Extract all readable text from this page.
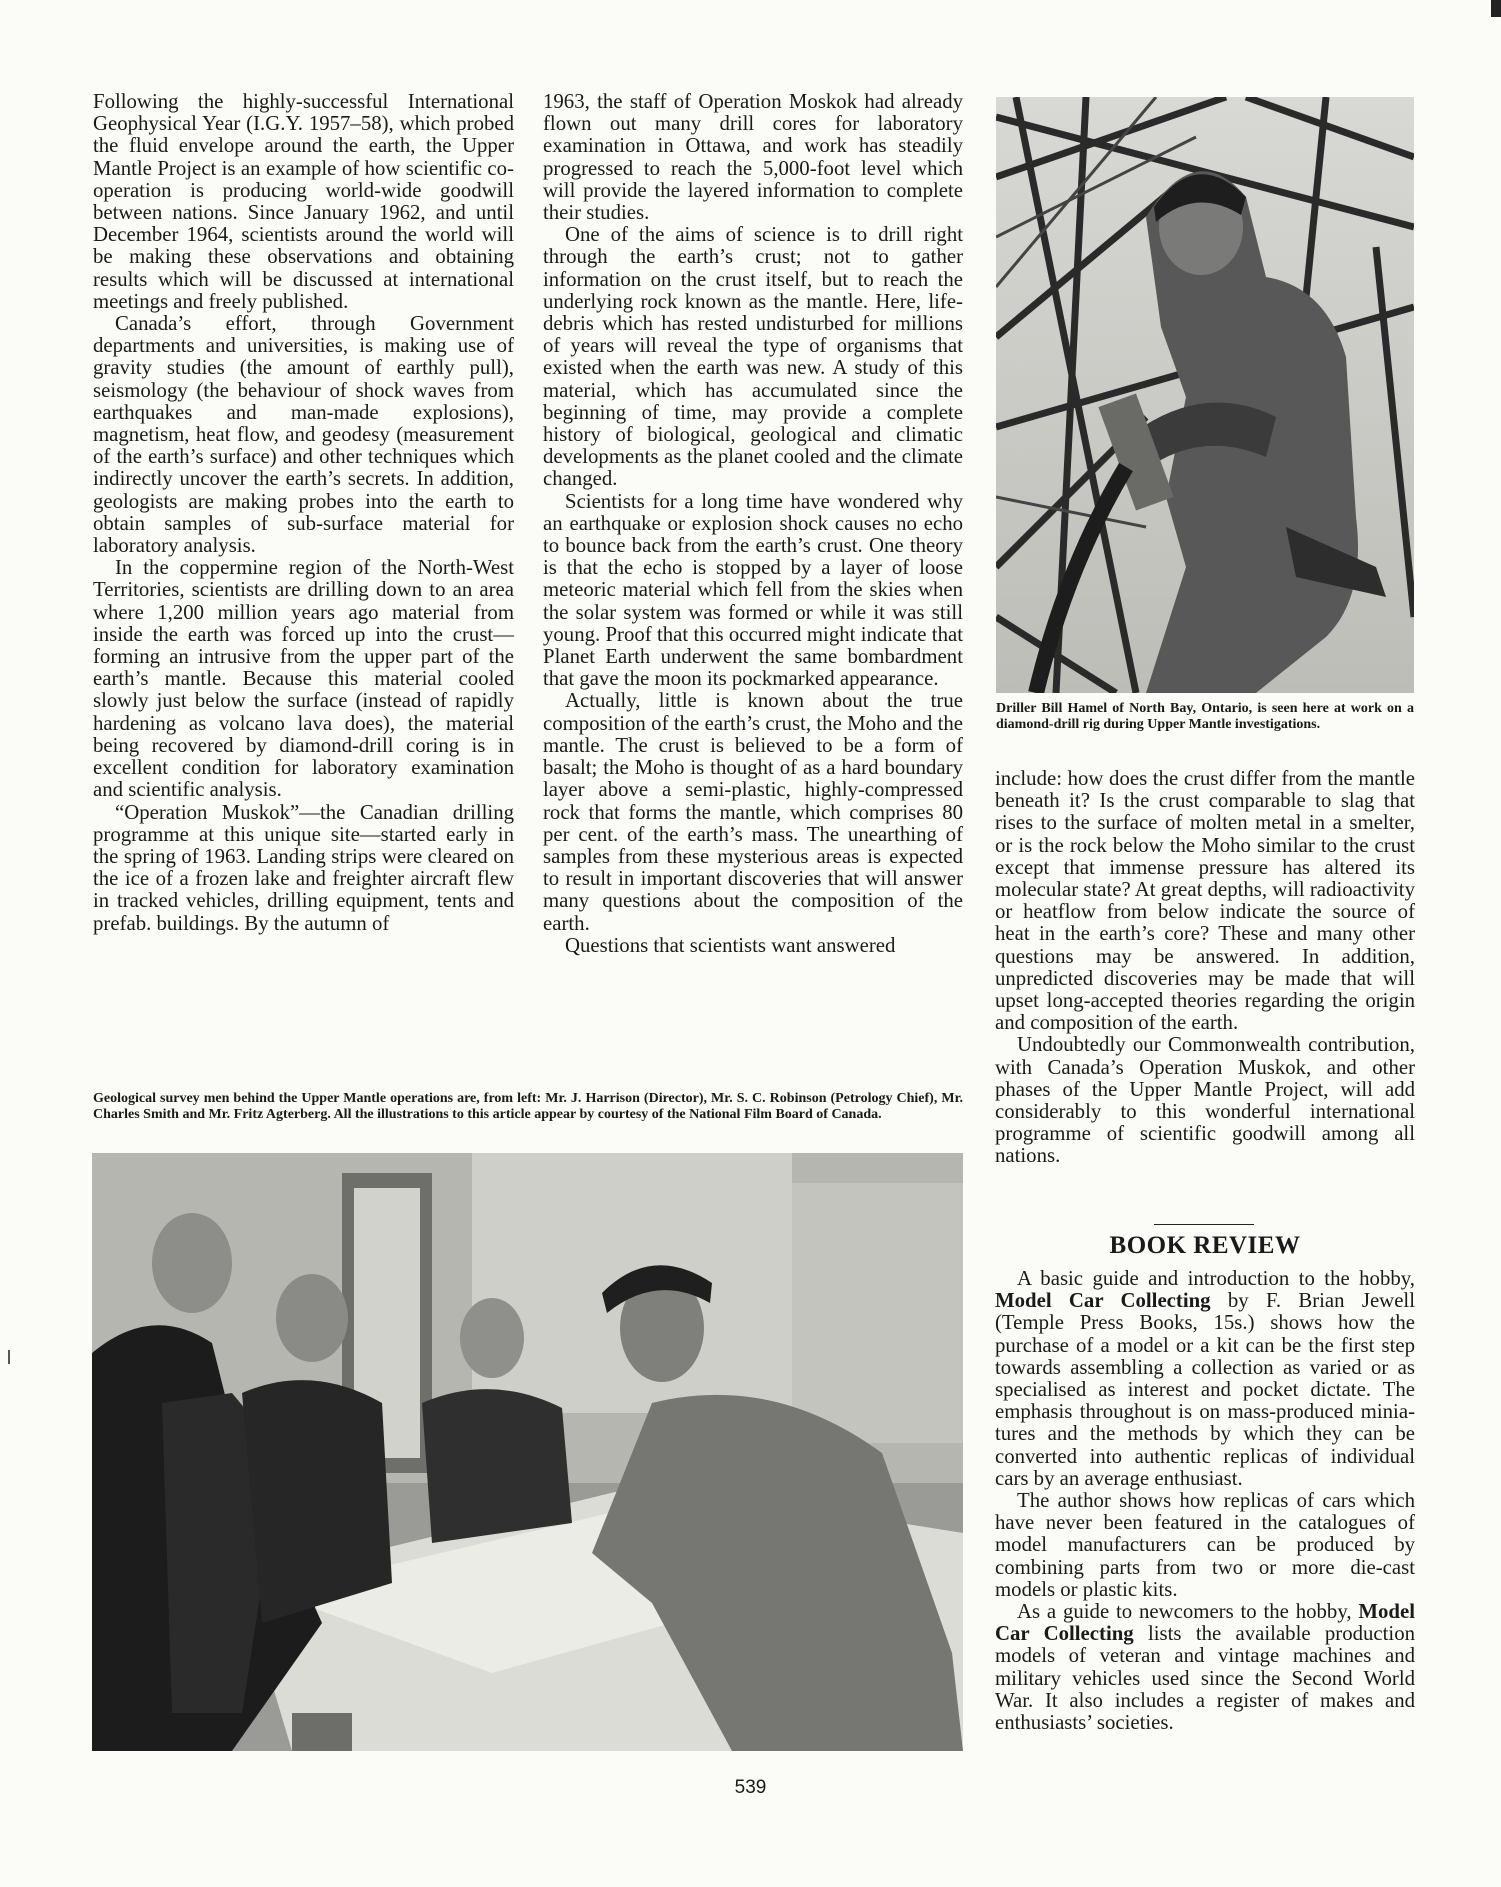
Following the highly-successful International Geophysical Year (I.G.Y. 1957–58), which probed the fluid envelope around the earth, the Upper Mantle Project is an example of how scientific co-operation is producing world-wide goodwill between nations. Since January 1962, and until December 1964, scientists around the world will be making these observations and obtaining results which will be discussed at international meetings and freely published.

Canada’s effort, through Government departments and universities, is making use of gravity studies (the amount of earthly pull), seismology (the behaviour of shock waves from earthquakes and man-made explosions), magnetism, heat flow, and geodesy (measurement of the earth’s surface) and other techniques which indirectly uncover the earth’s secrets. In addition, geologists are making probes into the earth to obtain samples of sub-surface material for laboratory analysis.

In the coppermine region of the North-West Territories, scientists are drilling down to an area where 1,200 million years ago material from inside the earth was forced up into the crust—forming an intrusive from the upper part of the earth’s mantle. Because this material cooled slowly just below the surface (instead of rapidly hardening as volcano lava does), the material being recovered by diamond-drill coring is in excellent condition for laboratory examination and scientific analysis.

“Operation Muskok”—the Canadian drilling programme at this unique site—started early in the spring of 1963. Landing strips were cleared on the ice of a frozen lake and freighter aircraft flew in tracked vehicles, drilling equipment, tents and prefab. buildings. By the autumn of

1963, the staff of Operation Moskok had already flown out many drill cores for laboratory examination in Ottawa, and work has steadily progressed to reach the 5,000-foot level which will provide the layered information to complete their studies.

One of the aims of science is to drill right through the earth’s crust; not to gather information on the crust itself, but to reach the underlying rock known as the mantle. Here, life-debris which has rested undisturbed for millions of years will reveal the type of organisms that existed when the earth was new. A study of this material, which has accumulated since the beginning of time, may provide a complete history of biological, geological and climatic developments as the planet cooled and the climate changed.

Scientists for a long time have wondered why an earthquake or explosion shock causes no echo to bounce back from the earth’s crust. One theory is that the echo is stopped by a layer of loose meteoric material which fell from the skies when the solar system was formed or while it was still young. Proof that this occurred might indicate that Planet Earth underwent the same bombardment that gave the moon its pockmarked appearance.

Actually, little is known about the true composition of the earth’s crust, the Moho and the mantle. The crust is believed to be a form of basalt; the Moho is thought of as a hard boundary layer above a semi-plastic, highly-compressed rock that forms the mantle, which comprises 80 per cent. of the earth’s mass. The unearthing of samples from these mysterious areas is expected to result in important discoveries that will answer many questions about the composition of the earth.

Questions that scientists want answered

Driller Bill Hamel of North Bay, Ontario, is seen here at work on a diamond-drill rig during Upper Mantle investigations.

include: how does the crust differ from the mantle beneath it? Is the crust comparable to slag that rises to the surface of molten metal in a smelter, or is the rock below the Moho similar to the crust except that immense pressure has altered its molecular state? At great depths, will radioactivity or heatflow from below indicate the source of heat in the earth’s core? These and many other questions may be answered. In addition, unpredicted discoveries may be made that will upset long-accepted theories regarding the origin and composition of the earth.

Undoubtedly our Commonwealth contribution, with Canada’s Operation Muskok, and other phases of the Upper Mantle Project, will add considerably to this wonderful international programme of scientific goodwill among all nations.

Geological survey men behind the Upper Mantle operations are, from left: Mr. J. Harrison (Director), Mr. S. C. Robinson (Petrology Chief), Mr. Charles Smith and Mr. Fritz Agterberg. All the illustrations to this article appear by courtesy of the National Film Board of Canada.
BOOK REVIEW

A basic guide and introduction to the hobby, Model Car Collecting by F. Brian Jewell (Temple Press Books, 15s.) shows how the purchase of a model or a kit can be the first step towards assembling a collection as varied or as specialised as interest and pocket dictate. The emphasis throughout is on mass-produced miniatures and the methods by which they can be converted into authentic replicas of individual cars by an average enthusiast.

The author shows how replicas of cars which have never been featured in the catalogues of model manufacturers can be produced by combining parts from two or more die-cast models or plastic kits.

As a guide to newcomers to the hobby, Model Car Collecting lists the available production models of veteran and vintage machines and military vehicles used since the Second World War. It also includes a register of makes and enthusiasts’ societies.

539
